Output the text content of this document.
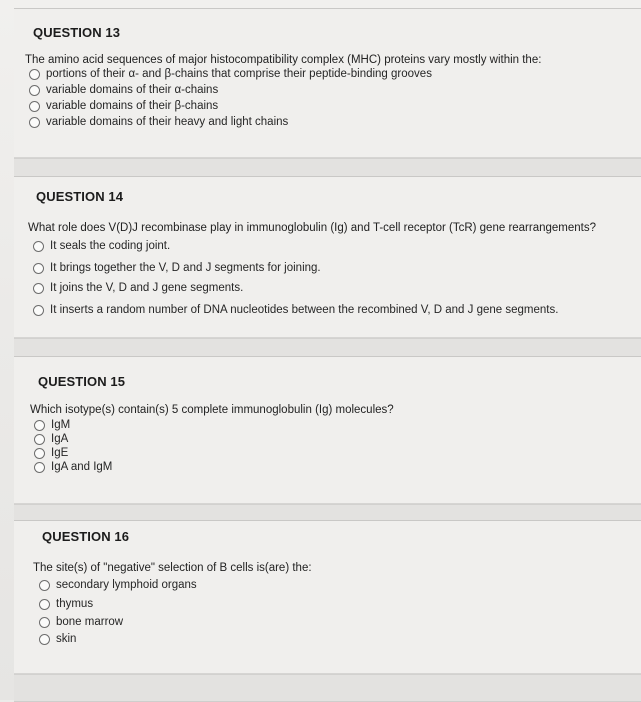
QUESTION 13
The amino acid sequences of major histocompatibility complex (MHC) proteins vary mostly within the:
portions of their α- and β-chains that comprise their peptide-binding grooves
variable domains of their α-chains
variable domains of their β-chains
variable domains of their heavy and light chains
QUESTION 14
What role does V(D)J recombinase play in immunoglobulin (Ig) and T-cell receptor (TcR) gene rearrangements?
It seals the coding joint.
It brings together the V, D and J segments for joining.
It joins the V, D and J gene segments.
It inserts a random number of DNA nucleotides between the recombined V, D and J gene segments.
QUESTION 15
Which isotype(s) contain(s) 5 complete immunoglobulin (Ig) molecules?
IgM
IgA
IgE
IgA and IgM
QUESTION 16
The site(s) of "negative" selection of B cells is(are) the:
secondary lymphoid organs
thymus
bone marrow
skin
